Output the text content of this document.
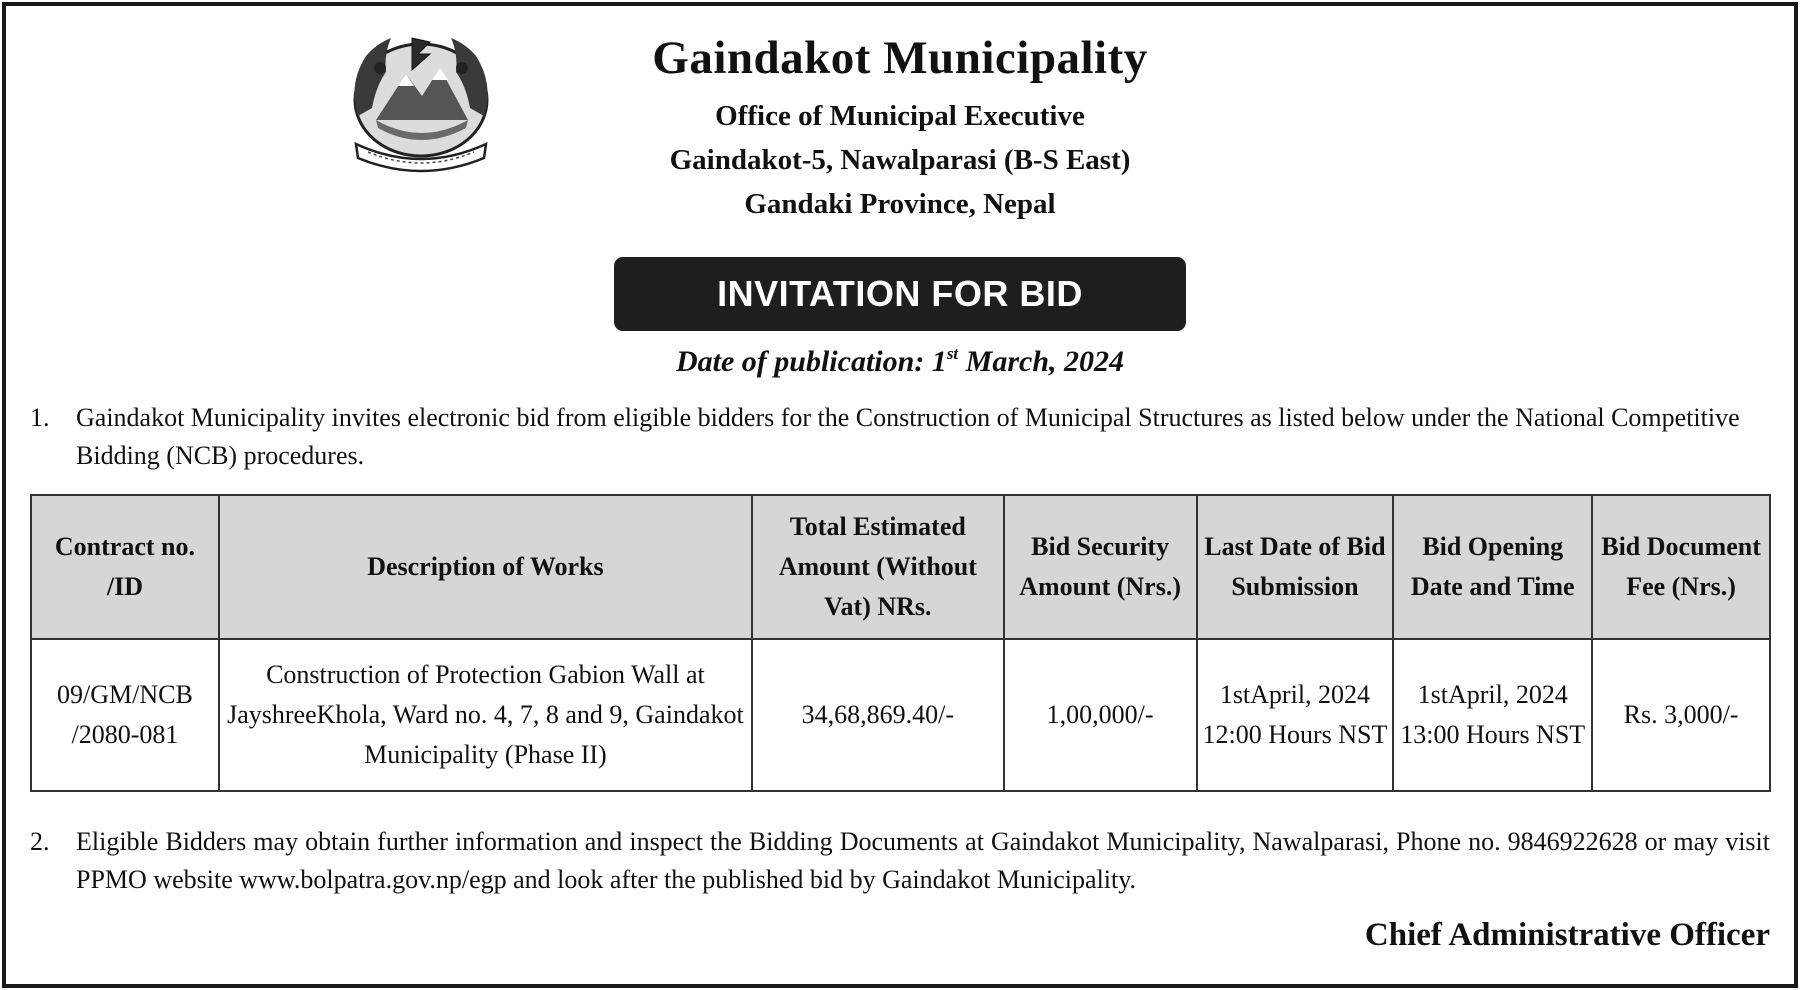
Gaindakot Municipality
Office of Municipal Executive
Gaindakot-5, Nawalparasi (B-S East)
Gandaki Province, Nepal
INVITATION FOR BID
Date of publication: 1st March, 2024
1. Gaindakot Municipality invites electronic bid from eligible bidders for the Construction of Municipal Structures as listed below under the National Competitive Bidding (NCB) procedures.
Contract no. /ID	Description of Works	Total Estimated Amount (Without Vat) NRs.	Bid Security Amount (Nrs.)	Last Date of Bid Submission	Bid Opening Date and Time	Bid Document Fee (Nrs.)
09/GM/NCB /2080-081	Construction of Protection Gabion Wall at JayshreeKhola, Ward no. 4, 7, 8 and 9, Gaindakot Municipality (Phase II)	34,68,869.40/-	1,00,000/-	1stApril, 2024 12:00 Hours NST	1stApril, 2024 13:00 Hours NST	Rs. 3,000/-
2. Eligible Bidders may obtain further information and inspect the Bidding Documents at Gaindakot Municipality, Nawalparasi, Phone no. 9846922628 or may visit PPMO website www.bolpatra.gov.np/egp and look after the published bid by Gaindakot Municipality.
Chief Administrative Officer
